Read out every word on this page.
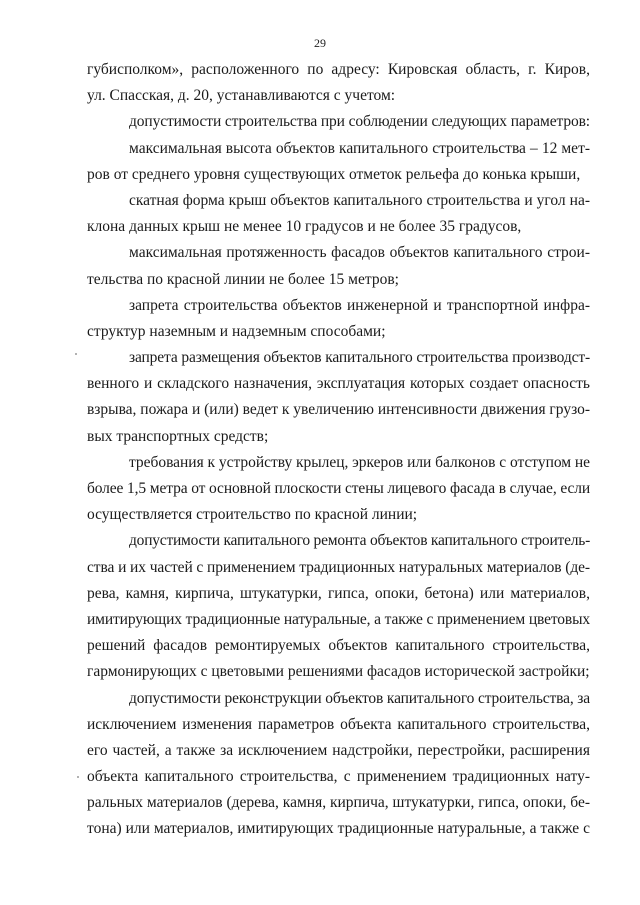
29
губисполком», расположенного по адресу: Кировская область, г. Киров,
ул. Спасская, д. 20, устанавливаются с учетом:
допустимости строительства при соблюдении следующих параметров:
максимальная высота объектов капитального строительства – 12 мет-
ров от среднего уровня существующих отметок рельефа до конька крыши,
скатная форма крыш объектов капитального строительства и угол на-
клона данных крыш не менее 10 градусов и не более 35 градусов,
максимальная протяженность фасадов объектов капитального строи-
тельства по красной линии не более 15 метров;
запрета строительства объектов инженерной и транспортной инфра-
структур наземным и надземным способами;
запрета размещения объектов капитального строительства производст-
венного и складского назначения, эксплуатация которых создает опасность
взрыва, пожара и (или) ведет к увеличению интенсивности движения грузо-
вых транспортных средств;
требования к устройству крылец, эркеров или балконов с отступом не
более 1,5 метра от основной плоскости стены лицевого фасада в случае, если
осуществляется строительство по красной линии;
допустимости капитального ремонта объектов капитального строитель-
ства и их частей с применением традиционных натуральных материалов (де-
рева, камня, кирпича, штукатурки, гипса, опоки, бетона) или материалов,
имитирующих традиционные натуральные, а также с применением цветовых
решений фасадов ремонтируемых объектов капитального строительства,
гармонирующих с цветовыми решениями фасадов исторической застройки;
допустимости реконструкции объектов капитального строительства, за
исключением изменения параметров объекта капитального строительства,
его частей, а также за исключением надстройки, перестройки, расширения
объекта капитального строительства, с применением традиционных нату-
ральных материалов (дерева, камня, кирпича, штукатурки, гипса, опоки, бе-
тона) или материалов, имитирующих традиционные натуральные, а также с
